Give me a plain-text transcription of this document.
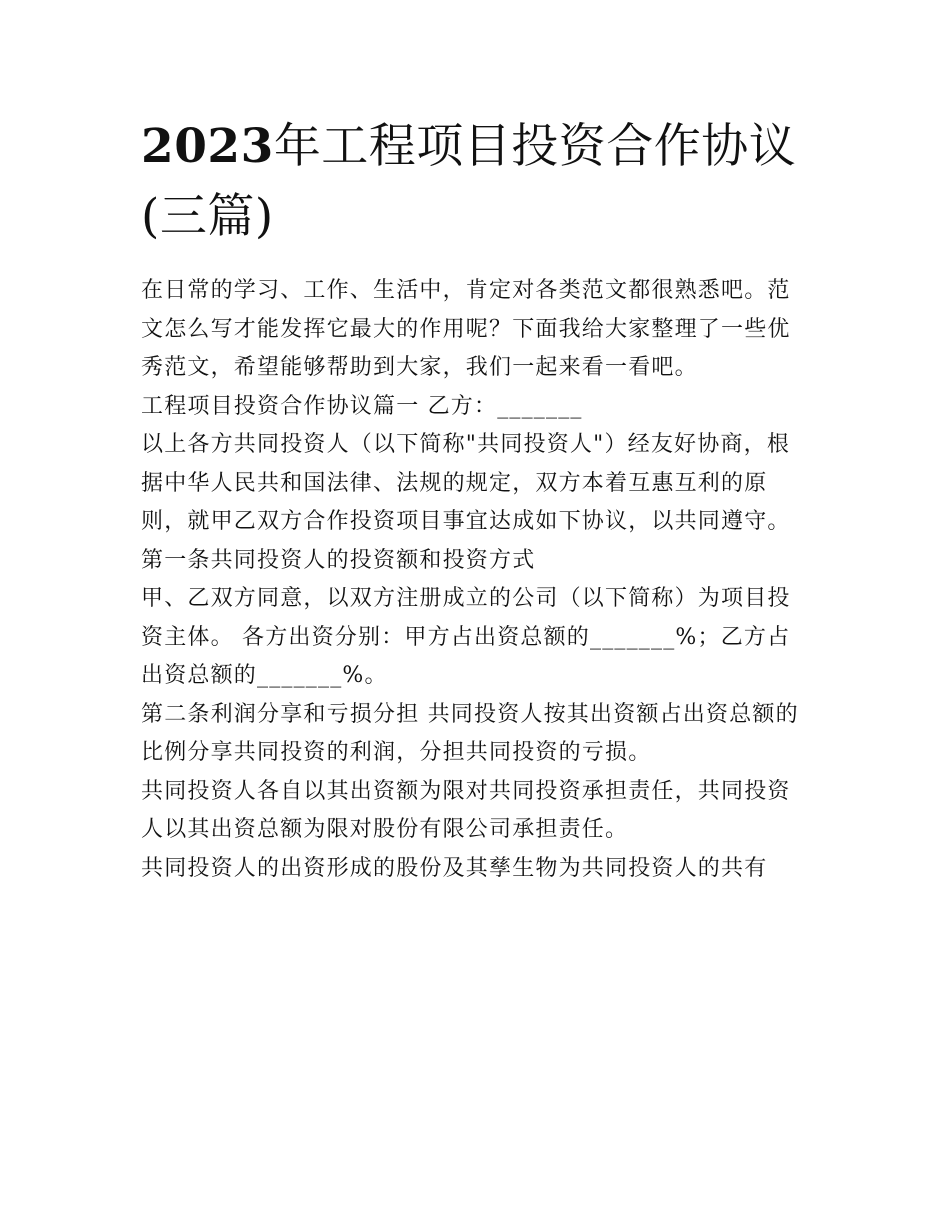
2023年工程项目投资合作协议(三篇)

在日常的学习、工作、生活中，肯定对各类范文都很熟悉吧。范文怎么写才能发挥它最大的作用呢？下面我给大家整理了一些优秀范文，希望能够帮助到大家，我们一起来看一看吧。

工程项目投资合作协议篇一 乙方：_______

以上各方共同投资人（以下简称"共同投资人"）经友好协商，根据中华人民共和国法律、法规的规定，双方本着互惠互利的原则，就甲乙双方合作投资项目事宜达成如下协议，以共同遵守。第一条共同投资人的投资额和投资方式

甲、乙双方同意，以双方注册成立的公司（以下简称）为项目投资主体。 各方出资分别：甲方占出资总额的_______%；乙方占出资总额的_______%。

第二条利润分享和亏损分担 共同投资人按其出资额占出资总额的比例分享共同投资的利润，分担共同投资的亏损。

共同投资人各自以其出资额为限对共同投资承担责任，共同投资人以其出资总额为限对股份有限公司承担责任。

共同投资人的出资形成的股份及其孳生物为共同投资人的共有
